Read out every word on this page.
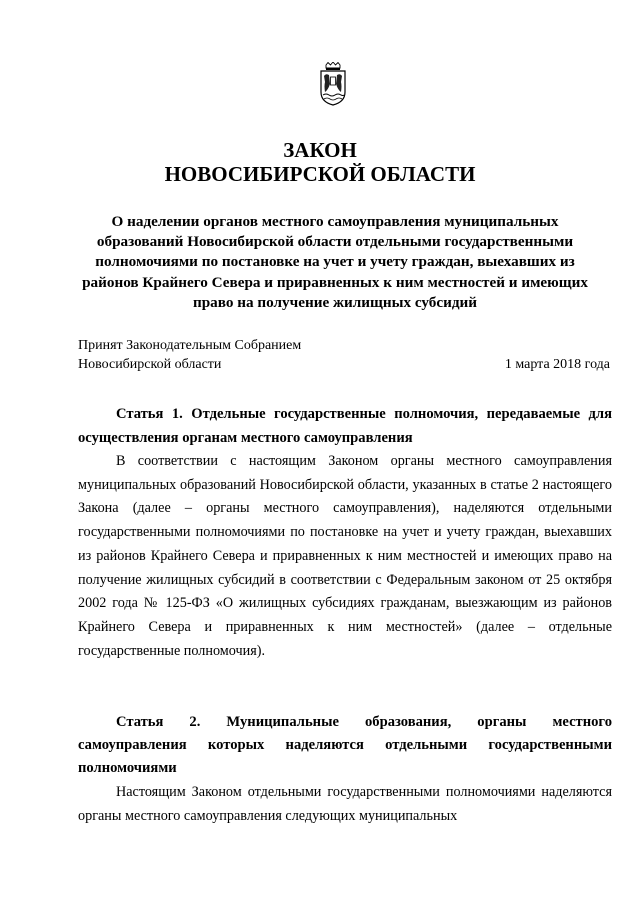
ЗАКОН
НОВОСИБИРСКОЙ ОБЛАСТИ

О наделении органов местного самоуправления муниципальных образований Новосибирской области отдельными государственными полномочиями по постановке на учет и учету граждан, выехавших из районов Крайнего Севера и приравненных к ним местностей и имеющих право на получение жилищных субсидий

Принят Законодательным Собранием

Новосибирской области	1 марта 2018 года

Статья 1. Отдельные государственные полномочия, передаваемые для осуществления органам местного самоуправления

В соответствии с настоящим Законом органы местного самоуправления муниципальных образований Новосибирской области, указанных в статье 2 настоящего Закона (далее – органы местного самоуправления), наделяются отдельными государственными полномочиями по постановке на учет и учету граждан, выехавших из районов Крайнего Севера и приравненных к ним местностей и имеющих право на получение жилищных субсидий в соответствии с Федеральным законом от 25 октября 2002 года № 125-ФЗ «О жилищных субсидиях гражданам, выезжающим из районов Крайнего Севера и приравненных к ним местностей» (далее – отдельные государственные полномочия).

Статья 2. Муниципальные образования, органы местного самоуправления которых наделяются отдельными государственными полномочиями

Настоящим Законом отдельными государственными полномочиями наделяются органы местного самоуправления следующих муниципальных
